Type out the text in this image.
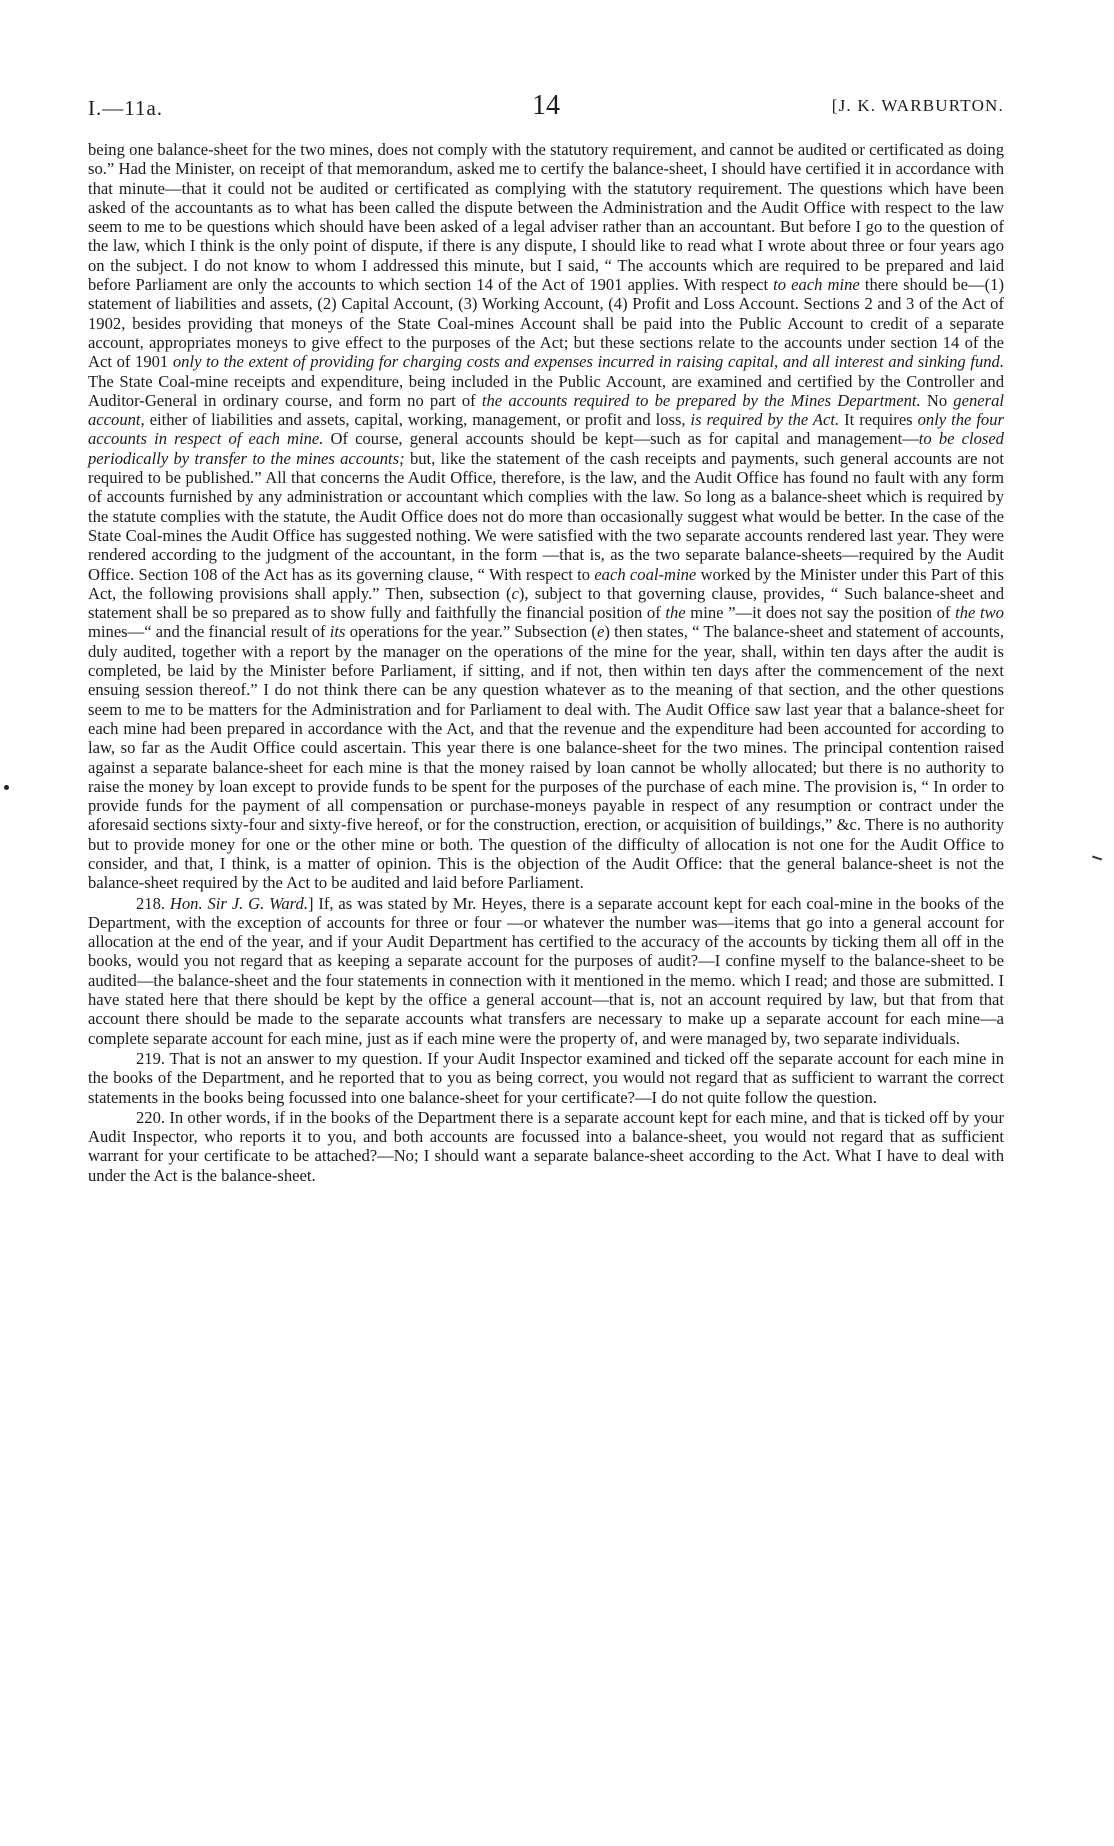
I.—11a.	14	[J. K. WARBURTON.

being one balance-sheet for the two mines, does not comply with the statutory requirement, and cannot be audited or certificated as doing so.” Had the Minister, on receipt of that memorandum, asked me to certify the balance-sheet, I should have certified it in accordance with that minute—that it could not be audited or certificated as complying with the statutory requirement. The questions which have been asked of the accountants as to what has been called the dispute between the Administration and the Audit Office with respect to the law seem to me to be questions which should have been asked of a legal adviser rather than an accountant. But before I go to the question of the law, which I think is the only point of dispute, if there is any dispute, I should like to read what I wrote about three or four years ago on the subject. I do not know to whom I addressed this minute, but I said, “ The accounts which are required to be prepared and laid before Parliament are only the accounts to which section 14 of the Act of 1901 applies. With respect to each mine there should be—(1) statement of liabilities and assets, (2) Capital Account, (3) Working Account, (4) Profit and Loss Account. Sections 2 and 3 of the Act of 1902, besides providing that moneys of the State Coal-mines Account shall be paid into the Public Account to credit of a separate account, appropriates moneys to give effect to the purposes of the Act; but these sections relate to the accounts under section 14 of the Act of 1901 only to the extent of providing for charging costs and expenses incurred in raising capital, and all interest and sinking fund. The State Coal-mine receipts and expenditure, being included in the Public Account, are examined and certified by the Controller and Auditor-General in ordinary course, and form no part of the accounts required to be prepared by the Mines Department. No general account, either of liabilities and assets, capital, working, management, or profit and loss, is required by the Act. It requires only the four accounts in respect of each mine. Of course, general accounts should be kept—such as for capital and management—to be closed periodically by transfer to the mines accounts; but, like the statement of the cash receipts and payments, such general accounts are not required to be published.” All that concerns the Audit Office, therefore, is the law, and the Audit Office has found no fault with any form of accounts furnished by any administration or accountant which complies with the law. So long as a balance-sheet which is required by the statute complies with the statute, the Audit Office does not do more than occasionally suggest what would be better. In the case of the State Coal-mines the Audit Office has suggested nothing. We were satisfied with the two separate accounts rendered last year. They were rendered according to the judgment of the accountant, in the form —that is, as the two separate balance-sheets—required by the Audit Office. Section 108 of the Act has as its governing clause, “ With respect to each coal-mine worked by the Minister under this Part of this Act, the following provisions shall apply.” Then, subsection (c), subject to that governing clause, provides, “ Such balance-sheet and statement shall be so prepared as to show fully and faithfully the financial position of the mine ”—it does not say the position of the two mines—“ and the financial result of its operations for the year.” Subsection (e) then states, “ The balance-sheet and statement of accounts, duly audited, together with a report by the manager on the operations of the mine for the year, shall, within ten days after the audit is completed, be laid by the Minister before Parliament, if sitting, and if not, then within ten days after the commencement of the next ensuing session thereof.” I do not think there can be any question whatever as to the meaning of that section, and the other questions seem to me to be matters for the Administration and for Parliament to deal with. The Audit Office saw last year that a balance-sheet for each mine had been prepared in accordance with the Act, and that the revenue and the expenditure had been accounted for according to law, so far as the Audit Office could ascertain. This year there is one balance-sheet for the two mines. The principal contention raised against a separate balance-sheet for each mine is that the money raised by loan cannot be wholly allocated; but there is no authority to raise the money by loan except to provide funds to be spent for the purposes of the purchase of each mine. The provision is, “ In order to provide funds for the payment of all compensation or purchase-moneys payable in respect of any resumption or contract under the aforesaid sections sixty-four and sixty-five hereof, or for the construction, erection, or acquisition of buildings,” &c. There is no authority but to provide money for one or the other mine or both. The question of the difficulty of allocation is not one for the Audit Office to consider, and that, I think, is a matter of opinion. This is the objection of the Audit Office: that the general balance-sheet is not the balance-sheet required by the Act to be audited and laid before Parliament.

218. Hon. Sir J. G. Ward.] If, as was stated by Mr. Heyes, there is a separate account kept for each coal-mine in the books of the Department, with the exception of accounts for three or four —or whatever the number was—items that go into a general account for allocation at the end of the year, and if your Audit Department has certified to the accuracy of the accounts by ticking them all off in the books, would you not regard that as keeping a separate account for the purposes of audit?—I confine myself to the balance-sheet to be audited—the balance-sheet and the four statements in connection with it mentioned in the memo. which I read; and those are submitted. I have stated here that there should be kept by the office a general account—that is, not an account required by law, but that from that account there should be made to the separate accounts what transfers are necessary to make up a separate account for each mine—a complete separate account for each mine, just as if each mine were the property of, and were managed by, two separate individuals.

219. That is not an answer to my question. If your Audit Inspector examined and ticked off the separate account for each mine in the books of the Department, and he reported that to you as being correct, you would not regard that as sufficient to warrant the correct statements in the books being focussed into one balance-sheet for your certificate?—I do not quite follow the question.

220. In other words, if in the books of the Department there is a separate account kept for each mine, and that is ticked off by your Audit Inspector, who reports it to you, and both accounts are focussed into a balance-sheet, you would not regard that as sufficient warrant for your certificate to be attached?—No; I should want a separate balance-sheet according to the Act. What I have to deal with under the Act is the balance-sheet.
